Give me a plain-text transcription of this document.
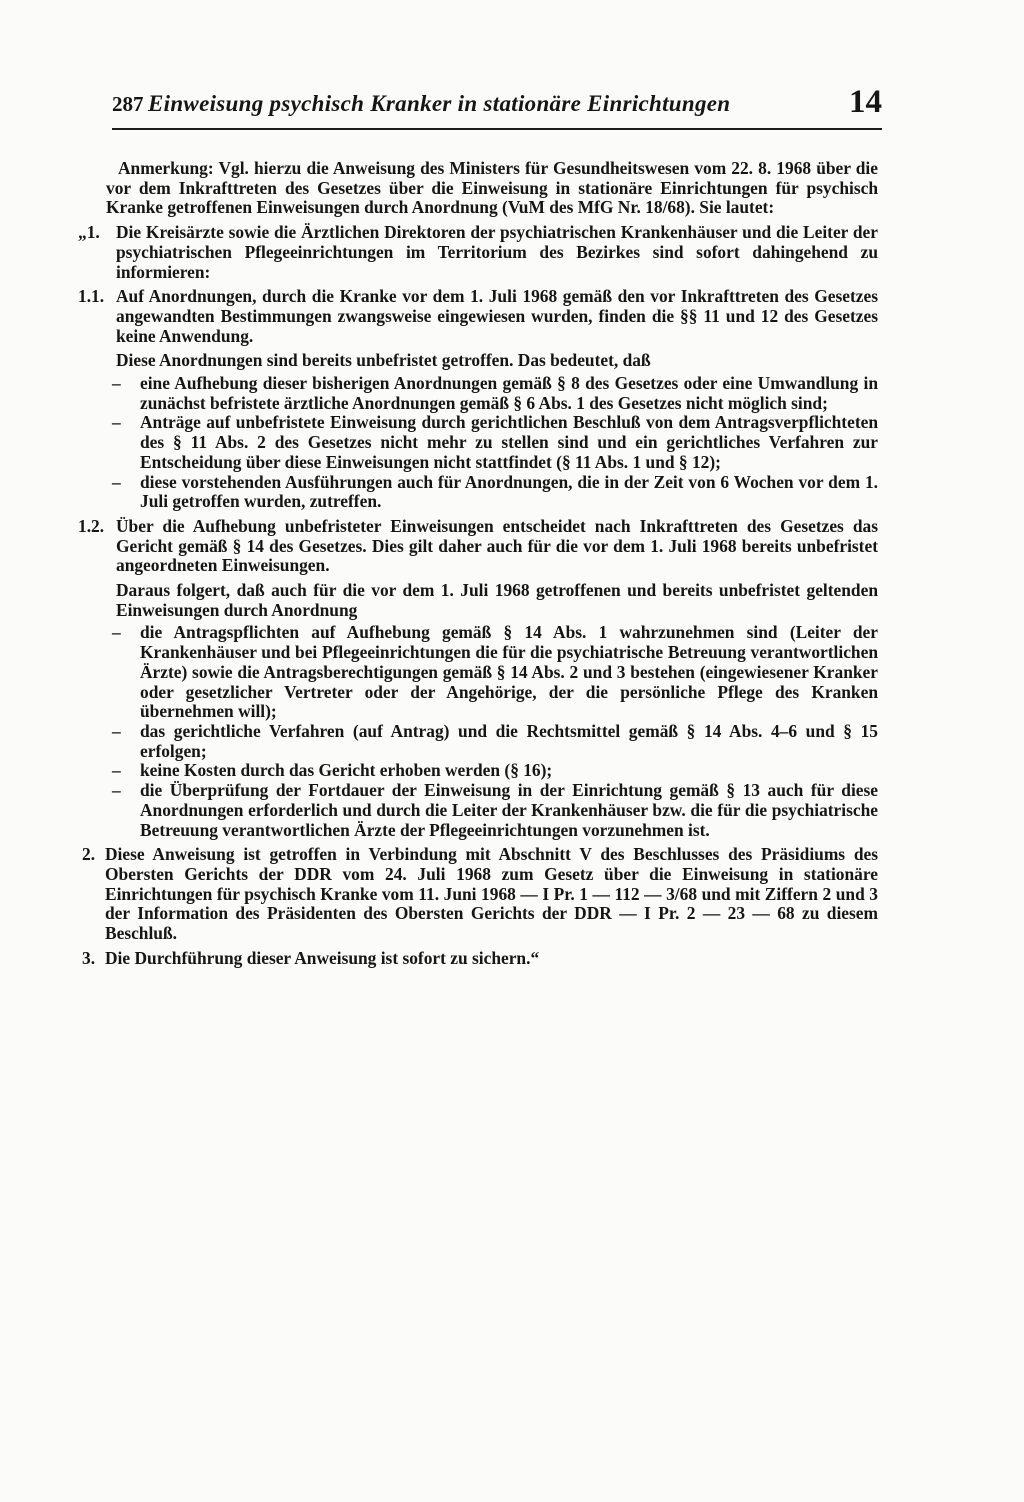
287 Einweisung psychisch Kranker in stationäre Einrichtungen	14

Anmerkung: Vgl. hierzu die Anweisung des Ministers für Gesundheitswesen vom 22. 8. 1968 über die vor dem Inkrafttreten des Gesetzes über die Einweisung in stationäre Einrichtungen für psychisch Kranke getroffenen Einweisungen durch Anordnung (VuM des MfG Nr. 18/68). Sie lautet:

„1. Die Kreisärzte sowie die Ärztlichen Direktoren der psychiatrischen Krankenhäuser und die Leiter der psychiatrischen Pflegeeinrichtungen im Territorium des Bezirkes sind sofort dahingehend zu informieren:

1.1. Auf Anordnungen, durch die Kranke vor dem 1. Juli 1968 gemäß den vor Inkrafttreten des Gesetzes angewandten Bestimmungen zwangsweise eingewiesen wurden, finden die §§ 11 und 12 des Gesetzes keine Anwendung.

Diese Anordnungen sind bereits unbefristet getroffen. Das bedeutet, daß

– eine Aufhebung dieser bisherigen Anordnungen gemäß § 8 des Gesetzes oder eine Umwandlung in zunächst befristete ärztliche Anordnungen gemäß § 6 Abs. 1 des Gesetzes nicht möglich sind;

– Anträge auf unbefristete Einweisung durch gerichtlichen Beschluß von dem Antragsverpflichteten des § 11 Abs. 2 des Gesetzes nicht mehr zu stellen sind und ein gerichtliches Verfahren zur Entscheidung über diese Einweisungen nicht stattfindet (§ 11 Abs. 1 und § 12);

– diese vorstehenden Ausführungen auch für Anordnungen, die in der Zeit von 6 Wochen vor dem 1. Juli getroffen wurden, zutreffen.

1.2. Über die Aufhebung unbefristeter Einweisungen entscheidet nach Inkrafttreten des Gesetzes das Gericht gemäß § 14 des Gesetzes. Dies gilt daher auch für die vor dem 1. Juli 1968 bereits unbefristet angeordneten Einweisungen.

Daraus folgert, daß auch für die vor dem 1. Juli 1968 getroffenen und bereits unbefristet geltenden Einweisungen durch Anordnung

– die Antragspflichten auf Aufhebung gemäß § 14 Abs. 1 wahrzunehmen sind (Leiter der Krankenhäuser und bei Pflegeeinrichtungen die für die psychiatrische Betreuung verantwortlichen Ärzte) sowie die Antragsberechtigungen gemäß § 14 Abs. 2 und 3 bestehen (eingewiesener Kranker oder gesetzlicher Vertreter oder der Angehörige, der die persönliche Pflege des Kranken übernehmen will);

– das gerichtliche Verfahren (auf Antrag) und die Rechtsmittel gemäß § 14 Abs. 4–6 und § 15 erfolgen;

– keine Kosten durch das Gericht erhoben werden (§ 16);

– die Überprüfung der Fortdauer der Einweisung in der Einrichtung gemäß § 13 auch für diese Anordnungen erforderlich und durch die Leiter der Krankenhäuser bzw. die für die psychiatrische Betreuung verantwortlichen Ärzte der Pflegeeinrichtungen vorzunehmen ist.

2. Diese Anweisung ist getroffen in Verbindung mit Abschnitt V des Beschlusses des Präsidiums des Obersten Gerichts der DDR vom 24. Juli 1968 zum Gesetz über die Einweisung in stationäre Einrichtungen für psychisch Kranke vom 11. Juni 1968 — I Pr. 1 — 112 — 3/68 und mit Ziffern 2 und 3 der Information des Präsidenten des Obersten Gerichts der DDR — I Pr. 2 — 23 — 68 zu diesem Beschluß.

3. Die Durchführung dieser Anweisung ist sofort zu sichern.“
